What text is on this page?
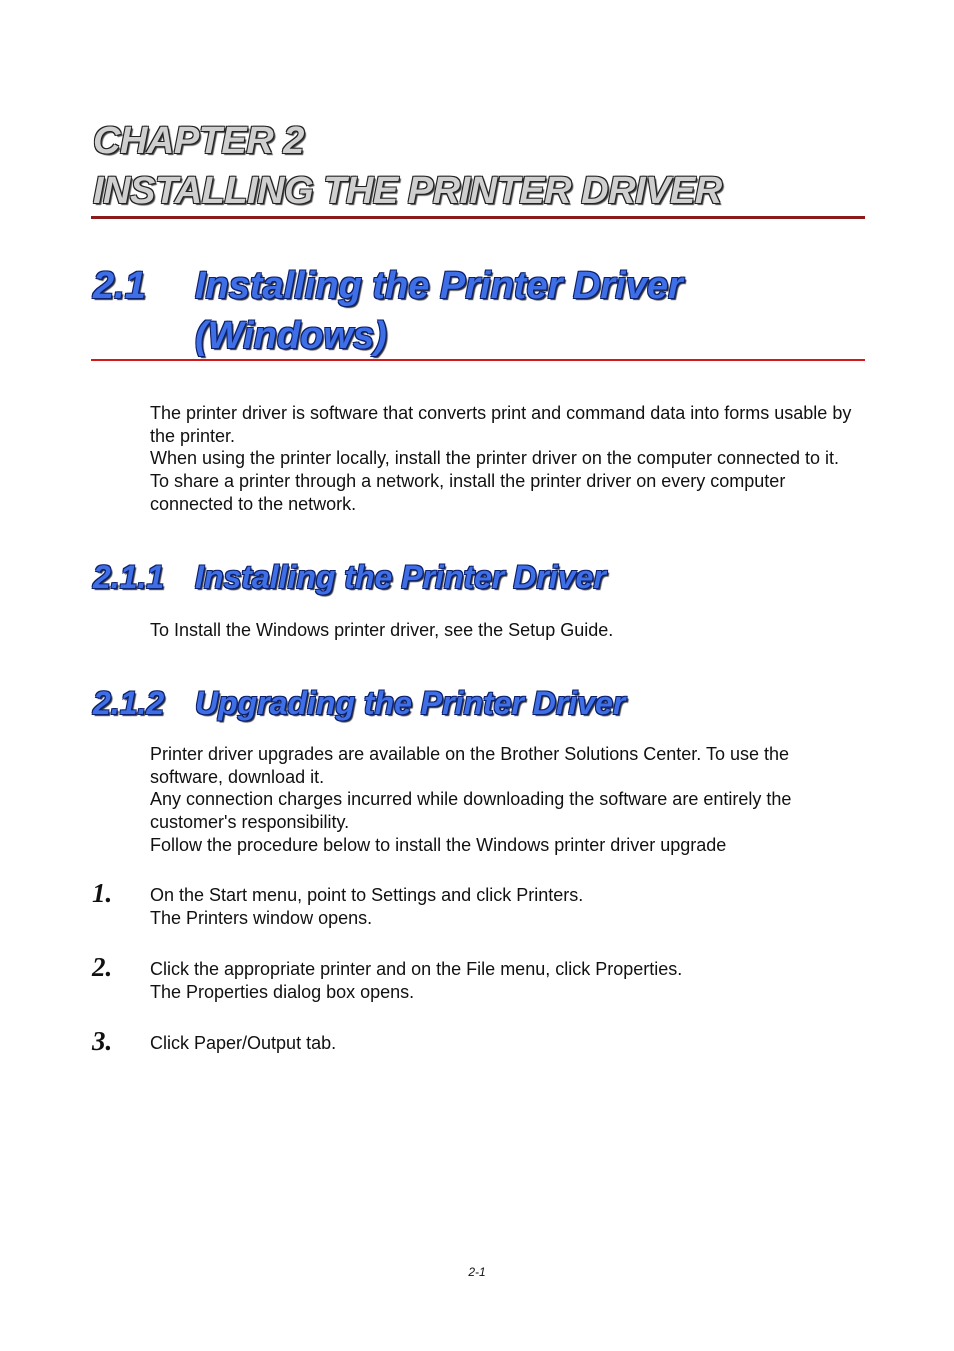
CHAPTER 2
INSTALLING THE PRINTER DRIVER
2.1 Installing the Printer Driver
(Windows)
The printer driver is software that converts print and command data into forms usable by the printer.
When using the printer locally, install the printer driver on the computer connected to it. To share a printer through a network, install the printer driver on every computer connected to the network.
2.1.1 Installing the Printer Driver
To Install the Windows printer driver, see the Setup Guide.
2.1.2 Upgrading the Printer Driver
Printer driver upgrades are available on the Brother Solutions Center. To use the software, download it.
Any connection charges incurred while downloading the software are entirely the customer's responsibility.
Follow the procedure below to install the Windows printer driver upgrade
1. On the Start menu, point to Settings and click Printers.
The Printers window opens.
2. Click the appropriate printer and on the File menu, click Properties.
The Properties dialog box opens.
3. Click Paper/Output tab.
2-1
